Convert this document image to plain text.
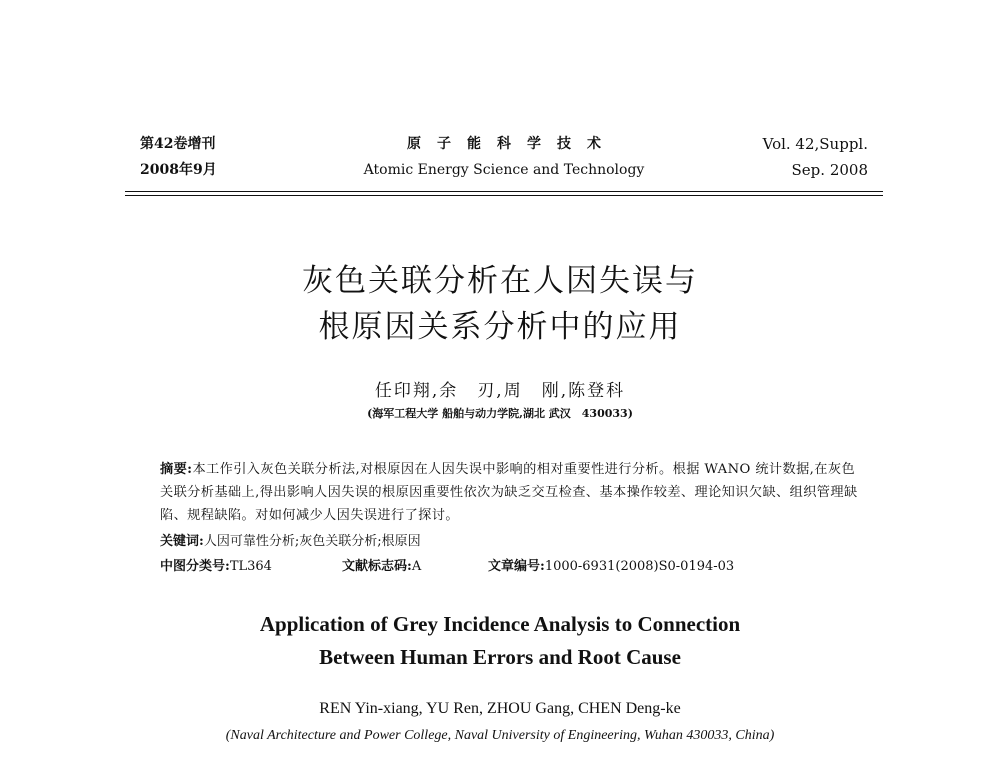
第42卷增刊
2008年9月
原子能科学技术
Atomic Energy Science and Technology
Vol. 42,Suppl.
Sep. 2008
灰色关联分析在人因失误与
根原因关系分析中的应用
任印翔,余　刃,周　刚,陈登科
(海军工程大学 船舶与动力学院,湖北 武汉　430033)
摘要:本工作引入灰色关联分析法,对根原因在人因失误中影响的相对重要性进行分析。根据 WANO 统计数据,在灰色关联分析基础上,得出影响人因失误的根原因重要性依次为缺乏交互检查、基本操作较差、理论知识欠缺、组织管理缺陷、规程缺陷。对如何减少人因失误进行了探讨。
关键词:人因可靠性分析;灰色关联分析;根原因
中图分类号:TL364	文献标志码:A	文章编号:1000-6931(2008)S0-0194-03
Application of Grey Incidence Analysis to Connection
Between Human Errors and Root Cause
REN Yin-xiang, YU Ren, ZHOU Gang, CHEN Deng-ke
(Naval Architecture and Power College, Naval University of Engineering, Wuhan 430033, China)
